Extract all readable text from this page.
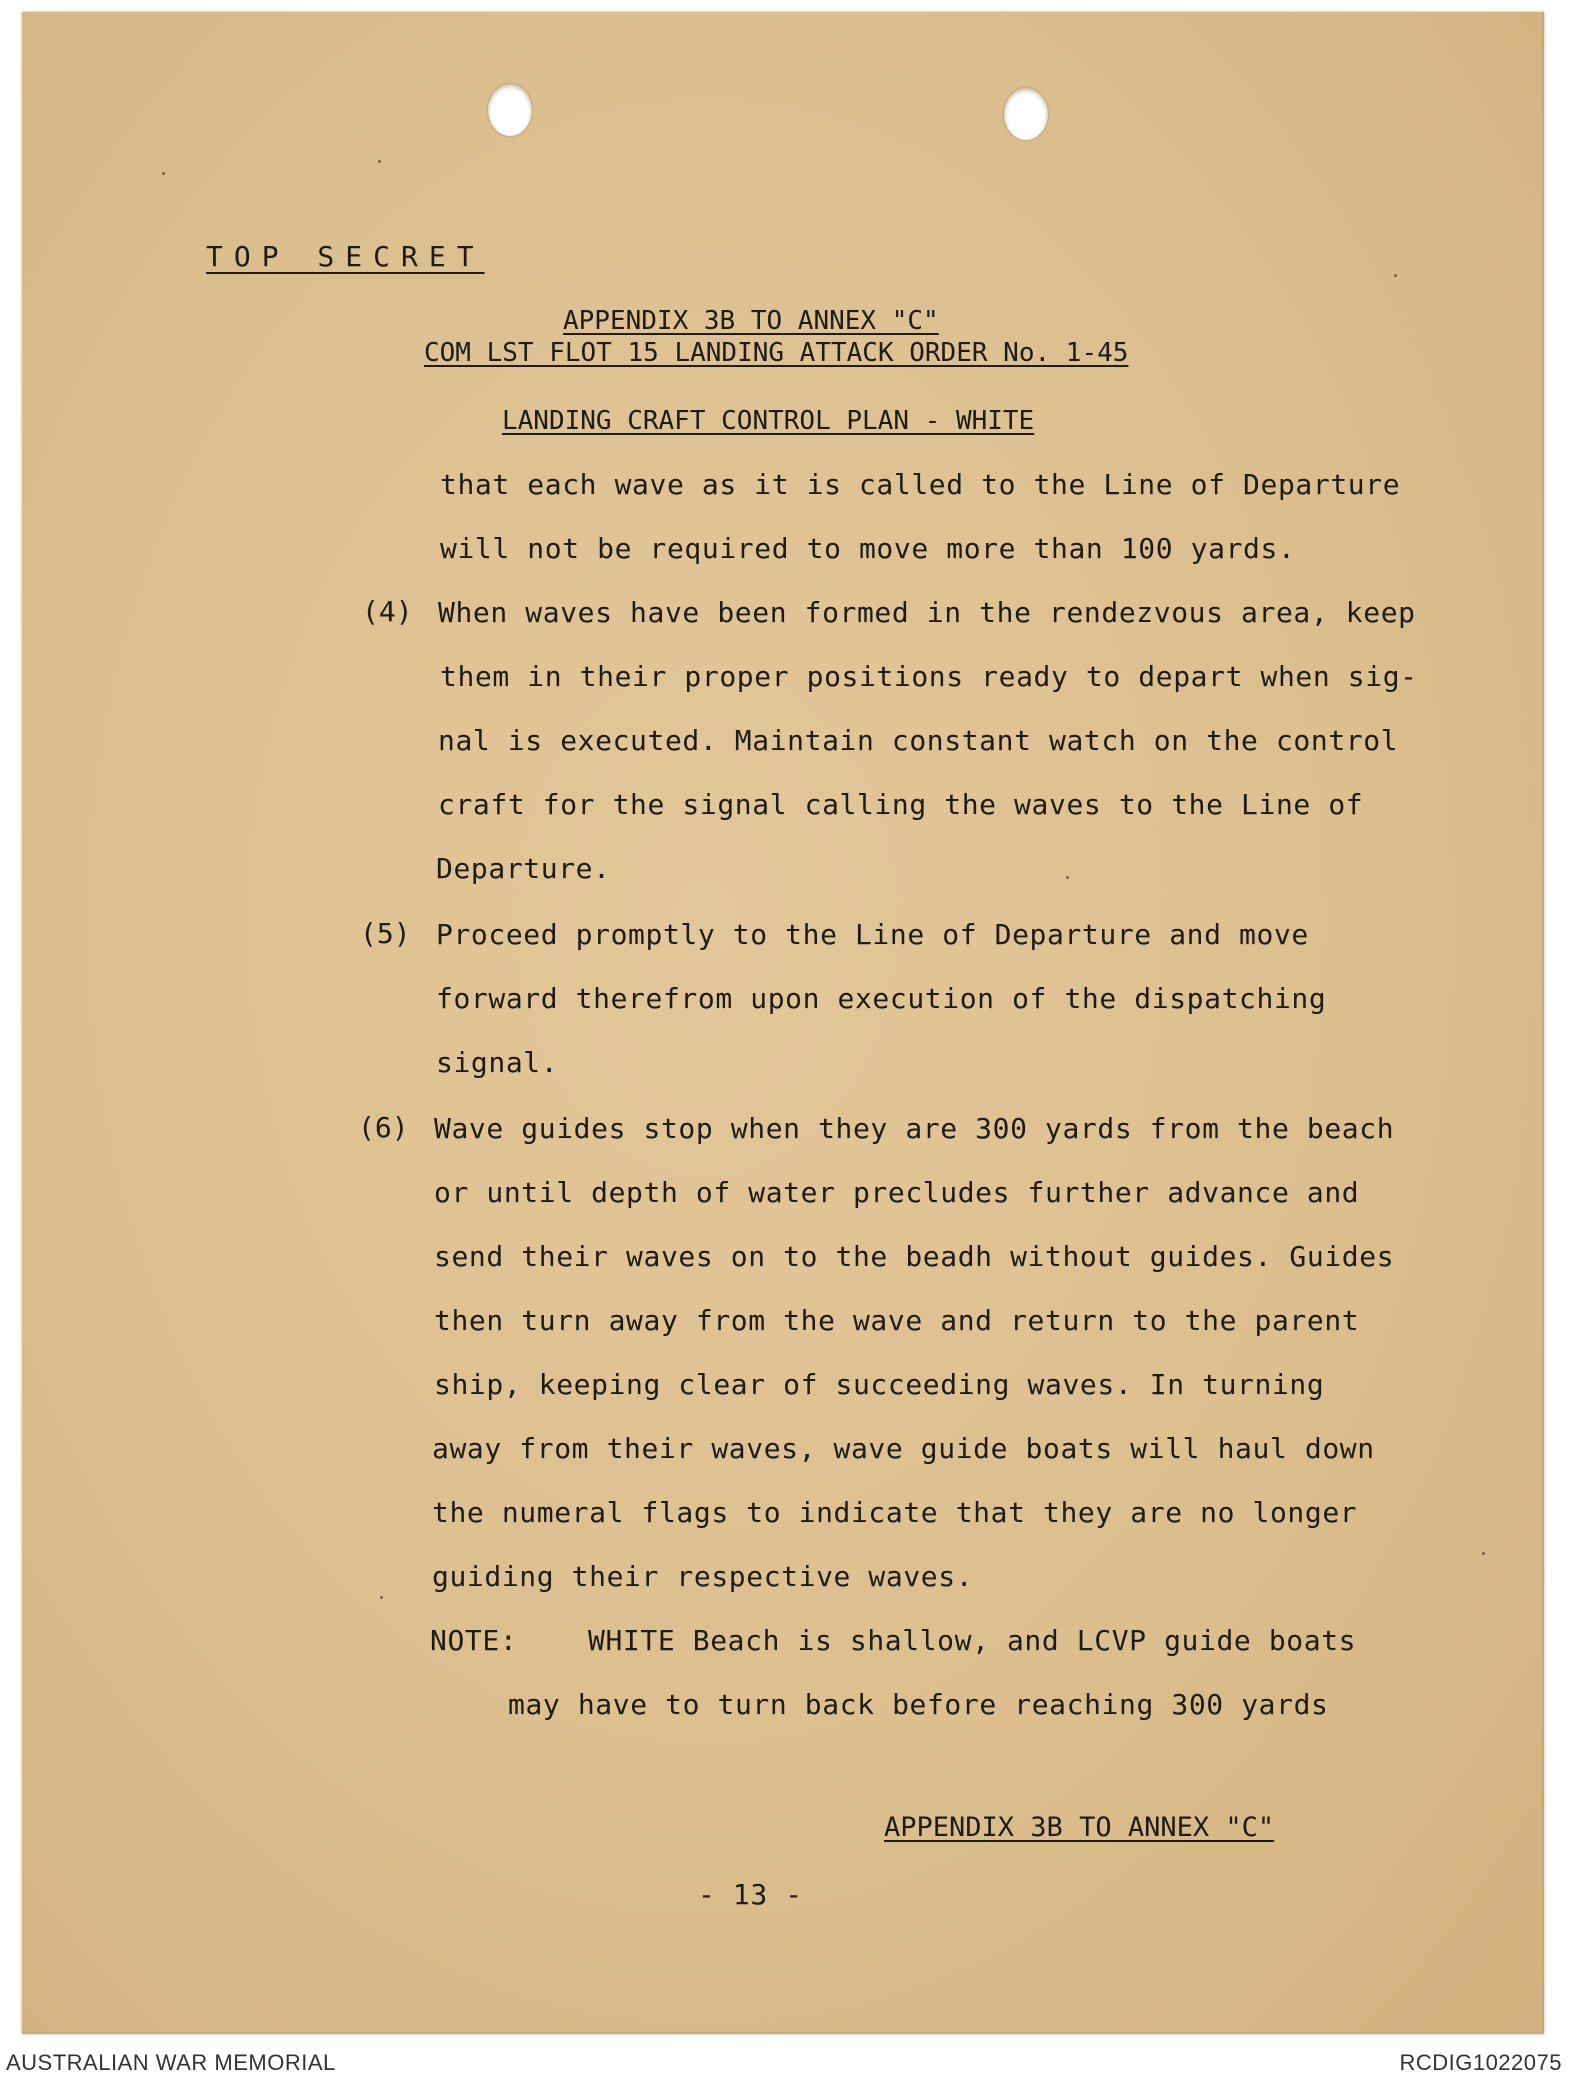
TOP SECRET
APPENDIX 3B TO ANNEX "C"
COM LST FLOT 15 LANDING ATTACK ORDER No. 1-45
LANDING CRAFT CONTROL PLAN - WHITE
that each wave as it is called to the Line of Departure
will not be required to move more than 100 yards.
(4) When waves have been formed in the rendezvous area, keep
them in their proper positions ready to depart when sig-
nal is executed. Maintain constant watch on the control
craft for the signal calling the waves to the Line of
Departure.
(5) Proceed promptly to the Line of Departure and move
forward therefrom upon execution of the dispatching
signal.
(6) Wave guides stop when they are 300 yards from the beach
or until depth of water precludes further advance and
send their waves on to the beadh without guides. Guides
then turn away from the wave and return to the parent
ship, keeping clear of succeeding waves. In turning
away from their waves, wave guide boats will haul down
the numeral flags to indicate that they are no longer
guiding their respective waves.
NOTE:	WHITE Beach is shallow, and LCVP guide boats
may have to turn back before reaching 300 yards
APPENDIX 3B TO ANNEX "C"
- 13 -
AUSTRALIAN WAR MEMORIAL	RCDIG1022075
